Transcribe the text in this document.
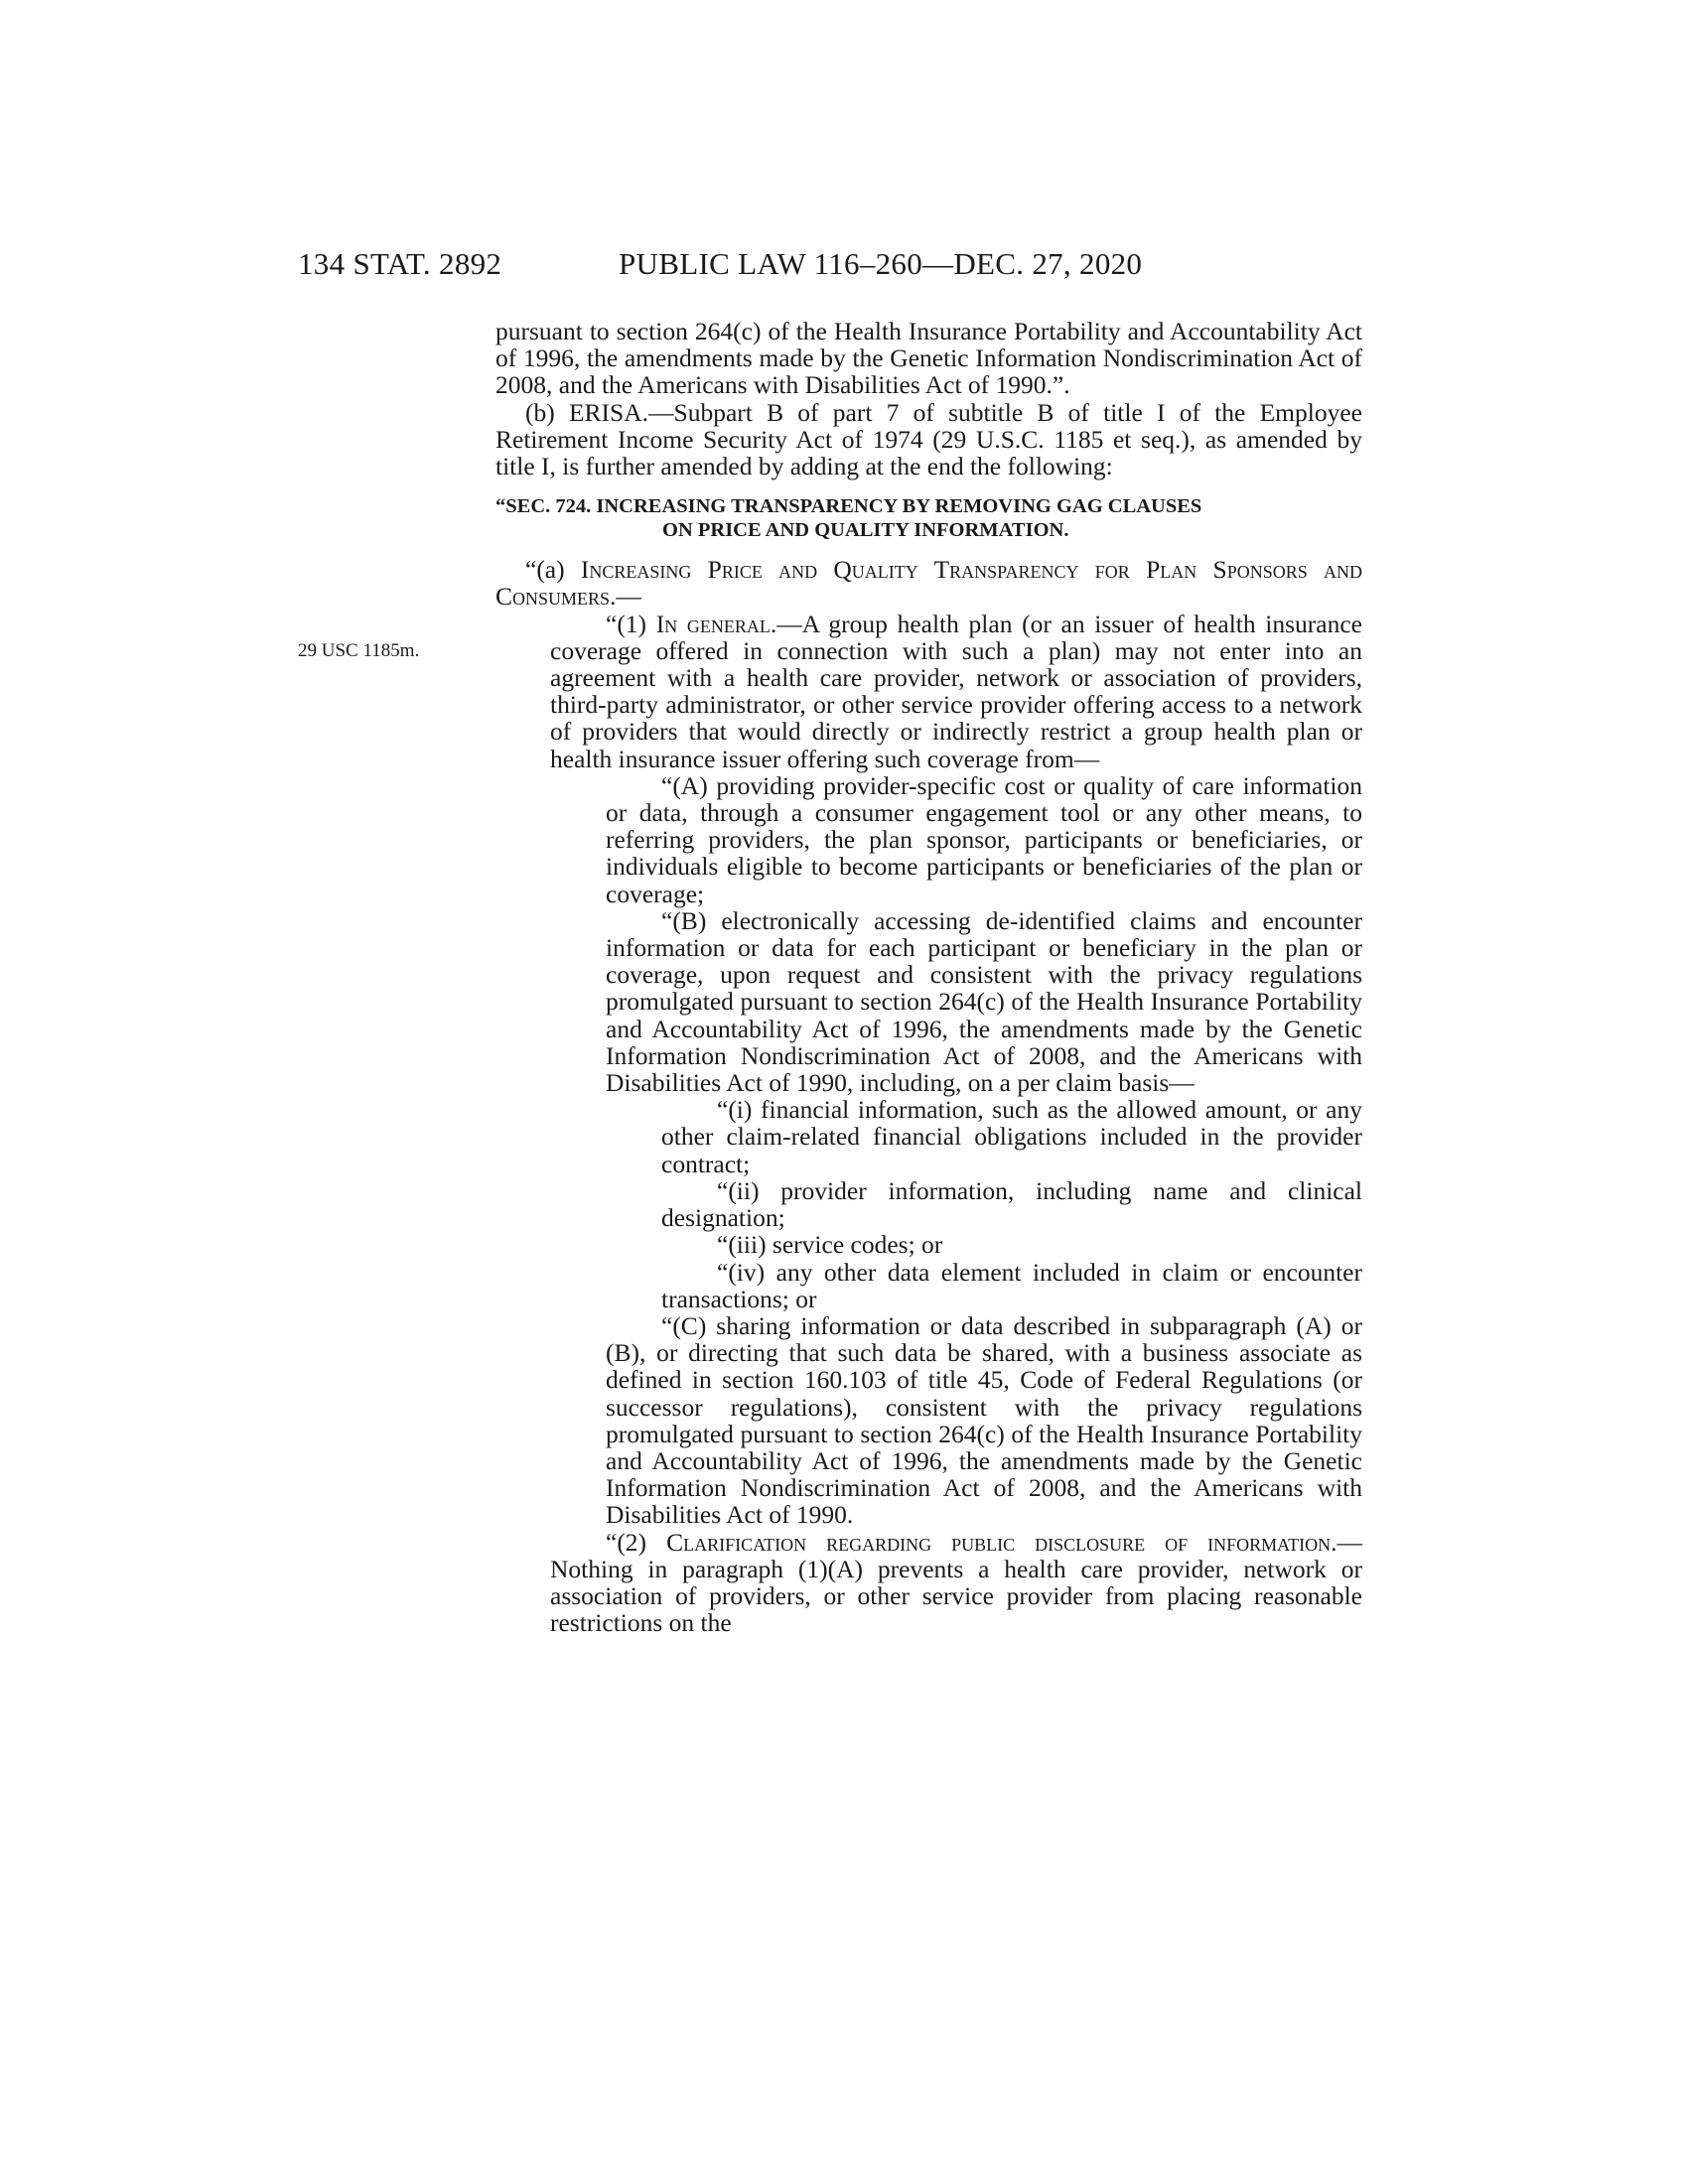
134 STAT. 2892	PUBLIC LAW 116–260—DEC. 27, 2020
29 USC 1185m.

pursuant to section 264(c) of the Health Insurance Portability and Accountability Act of 1996, the amendments made by the Genetic Information Nondiscrimination Act of 2008, and the Americans with Disabilities Act of 1990.”.

(b) ERISA.—Subpart B of part 7 of subtitle B of title I of the Employee Retirement Income Security Act of 1974 (29 U.S.C. 1185 et seq.), as amended by title I, is further amended by adding at the end the following:

“SEC. 724. INCREASING TRANSPARENCY BY REMOVING GAG CLAUSES
ON PRICE AND QUALITY INFORMATION.

“(a) Increasing Price and Quality Transparency for Plan Sponsors and Consumers.—

“(1) In general.—A group health plan (or an issuer of health insurance coverage offered in connection with such a plan) may not enter into an agreement with a health care provider, network or association of providers, third-party administrator, or other service provider offering access to a network of providers that would directly or indirectly restrict a group health plan or health insurance issuer offering such coverage from—

“(A) providing provider-specific cost or quality of care information or data, through a consumer engagement tool or any other means, to referring providers, the plan sponsor, participants or beneficiaries, or individuals eligible to become participants or beneficiaries of the plan or coverage;

“(B) electronically accessing de-identified claims and encounter information or data for each participant or beneficiary in the plan or coverage, upon request and consistent with the privacy regulations promulgated pursuant to section 264(c) of the Health Insurance Portability and Accountability Act of 1996, the amendments made by the Genetic Information Nondiscrimination Act of 2008, and the Americans with Disabilities Act of 1990, including, on a per claim basis—

“(i) financial information, such as the allowed amount, or any other claim-related financial obligations included in the provider contract;

“(ii) provider information, including name and clinical designation;

“(iii) service codes; or

“(iv) any other data element included in claim or encounter transactions; or

“(C) sharing information or data described in subparagraph (A) or (B), or directing that such data be shared, with a business associate as defined in section 160.103 of title 45, Code of Federal Regulations (or successor regulations), consistent with the privacy regulations promulgated pursuant to section 264(c) of the Health Insurance Portability and Accountability Act of 1996, the amendments made by the Genetic Information Nondiscrimination Act of 2008, and the Americans with Disabilities Act of 1990.

“(2) Clarification regarding public disclosure of information.—Nothing in paragraph (1)(A) prevents a health care provider, network or association of providers, or other service provider from placing reasonable restrictions on the
